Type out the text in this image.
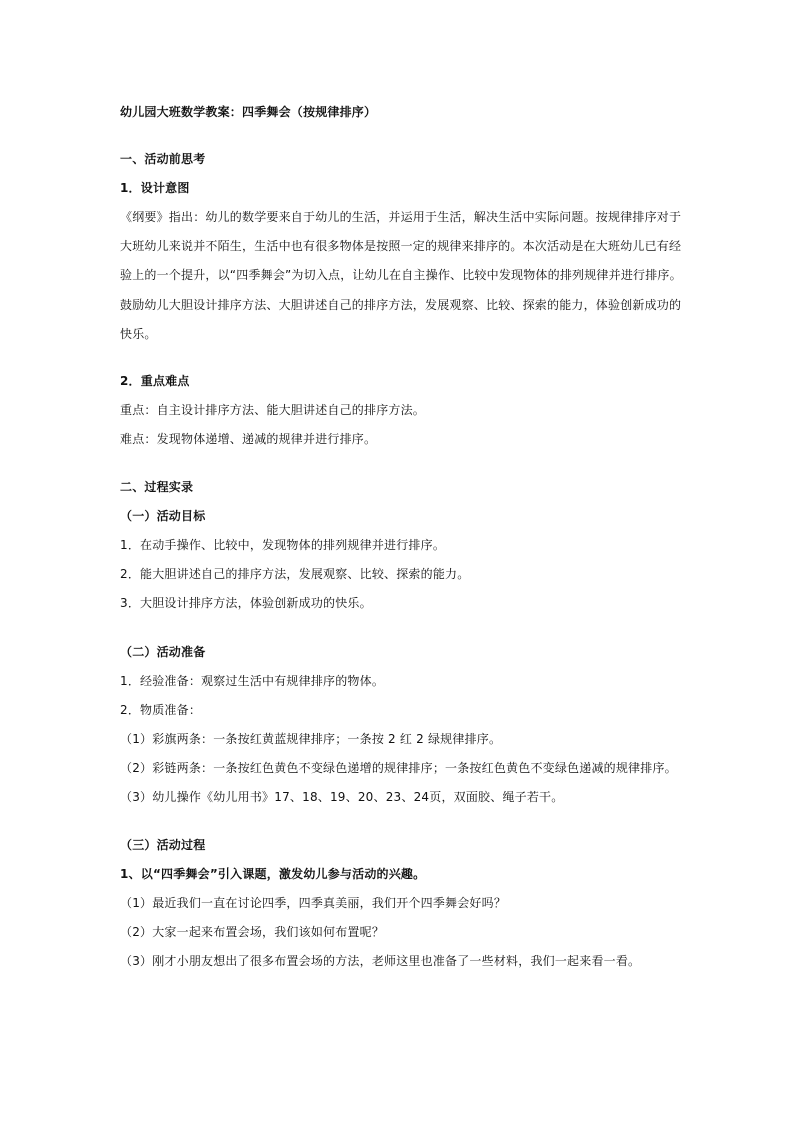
幼儿园大班数学教案：四季舞会（按规律排序）
一、活动前思考
1．设计意图
《纲要》指出：幼儿的数学要来自于幼儿的生活，并运用于生活，解决生活中实际问题。按规律排序对于
大班幼儿来说并不陌生，生活中也有很多物体是按照一定的规律来排序的。本次活动是在大班幼儿已有经
验上的一个提升，以“四季舞会”为切入点，让幼儿在自主操作、比较中发现物体的排列规律并进行排序。
鼓励幼儿大胆设计排序方法、大胆讲述自己的排序方法，发展观察、比较、探索的能力，体验创新成功的
快乐。
2．重点难点
重点：自主设计排序方法、能大胆讲述自己的排序方法。
难点：发现物体递增、递减的规律并进行排序。
二、过程实录
（一）活动目标
1．在动手操作、比较中，发现物体的排列规律并进行排序。
2．能大胆讲述自己的排序方法，发展观察、比较、探索的能力。
3．大胆设计排序方法，体验创新成功的快乐。
（二）活动准备
1．经验准备：观察过生活中有规律排序的物体。
2．物质准备：
（1）彩旗两条：一条按红黄蓝规律排序；一条按 2 红 2 绿规律排序。
（2）彩链两条：一条按红色黄色不变绿色递增的规律排序；一条按红色黄色不变绿色递减的规律排序。
（3）幼儿操作《幼儿用书》17、18、19、20、23、24页，双面胶、绳子若干。
（三）活动过程
1、以“四季舞会”引入课题，激发幼儿参与活动的兴趣。
（1）最近我们一直在讨论四季，四季真美丽，我们开个四季舞会好吗？
（2）大家一起来布置会场，我们该如何布置呢？
（3）刚才小朋友想出了很多布置会场的方法，老师这里也准备了一些材料，我们一起来看一看。
